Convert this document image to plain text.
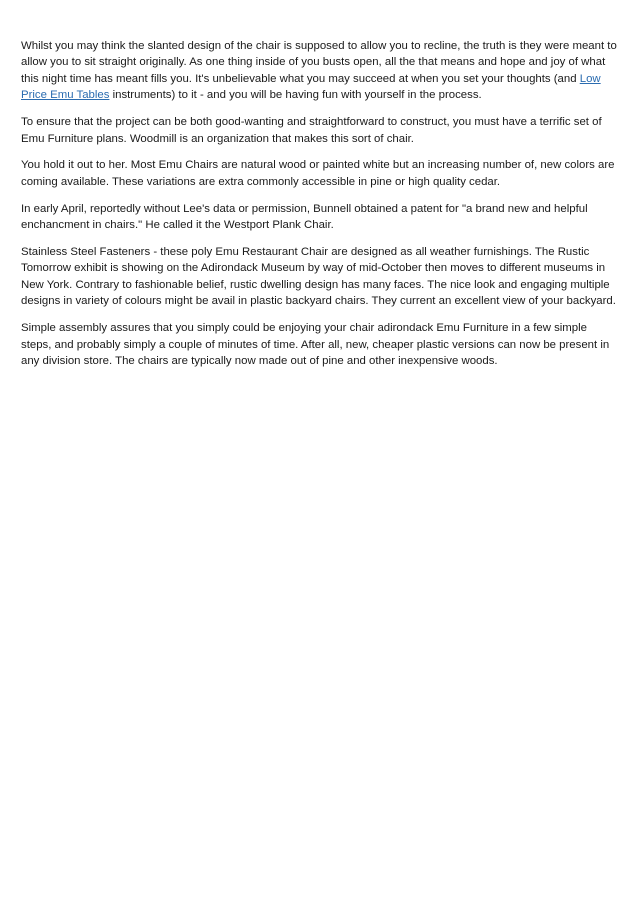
Whilst you may think the slanted design of the chair is supposed to allow you to recline, the truth is they were meant to allow you to sit straight originally. As one thing inside of you busts open, all the that means and hope and joy of what this night time has meant fills you. It's unbelievable what you may succeed at when you set your thoughts (and Low Price Emu Tables instruments) to it - and you will be having fun with yourself in the process.

To ensure that the project can be both good-wanting and straightforward to construct, you must have a terrific set of Emu Furniture plans. Woodmill is an organization that makes this sort of chair.

You hold it out to her. Most Emu Chairs are natural wood or painted white but an increasing number of, new colors are coming available. These variations are extra commonly accessible in pine or high quality cedar.

In early April, reportedly without Lee's data or permission, Bunnell obtained a patent for "a brand new and helpful enchancment in chairs." He called it the Westport Plank Chair.

Stainless Steel Fasteners - these poly Emu Restaurant Chair are designed as all weather furnishings. The Rustic Tomorrow exhibit is showing on the Adirondack Museum by way of mid-October then moves to different museums in New York. Contrary to fashionable belief, rustic dwelling design has many faces. The nice look and engaging multiple designs in variety of colours might be avail in plastic backyard chairs. They current an excellent view of your backyard.

Simple assembly assures that you simply could be enjoying your chair adirondack Emu Furniture in a few simple steps, and probably simply a couple of minutes of time. After all, new, cheaper plastic versions can now be present in any division store. The chairs are typically now made out of pine and other inexpensive woods.
